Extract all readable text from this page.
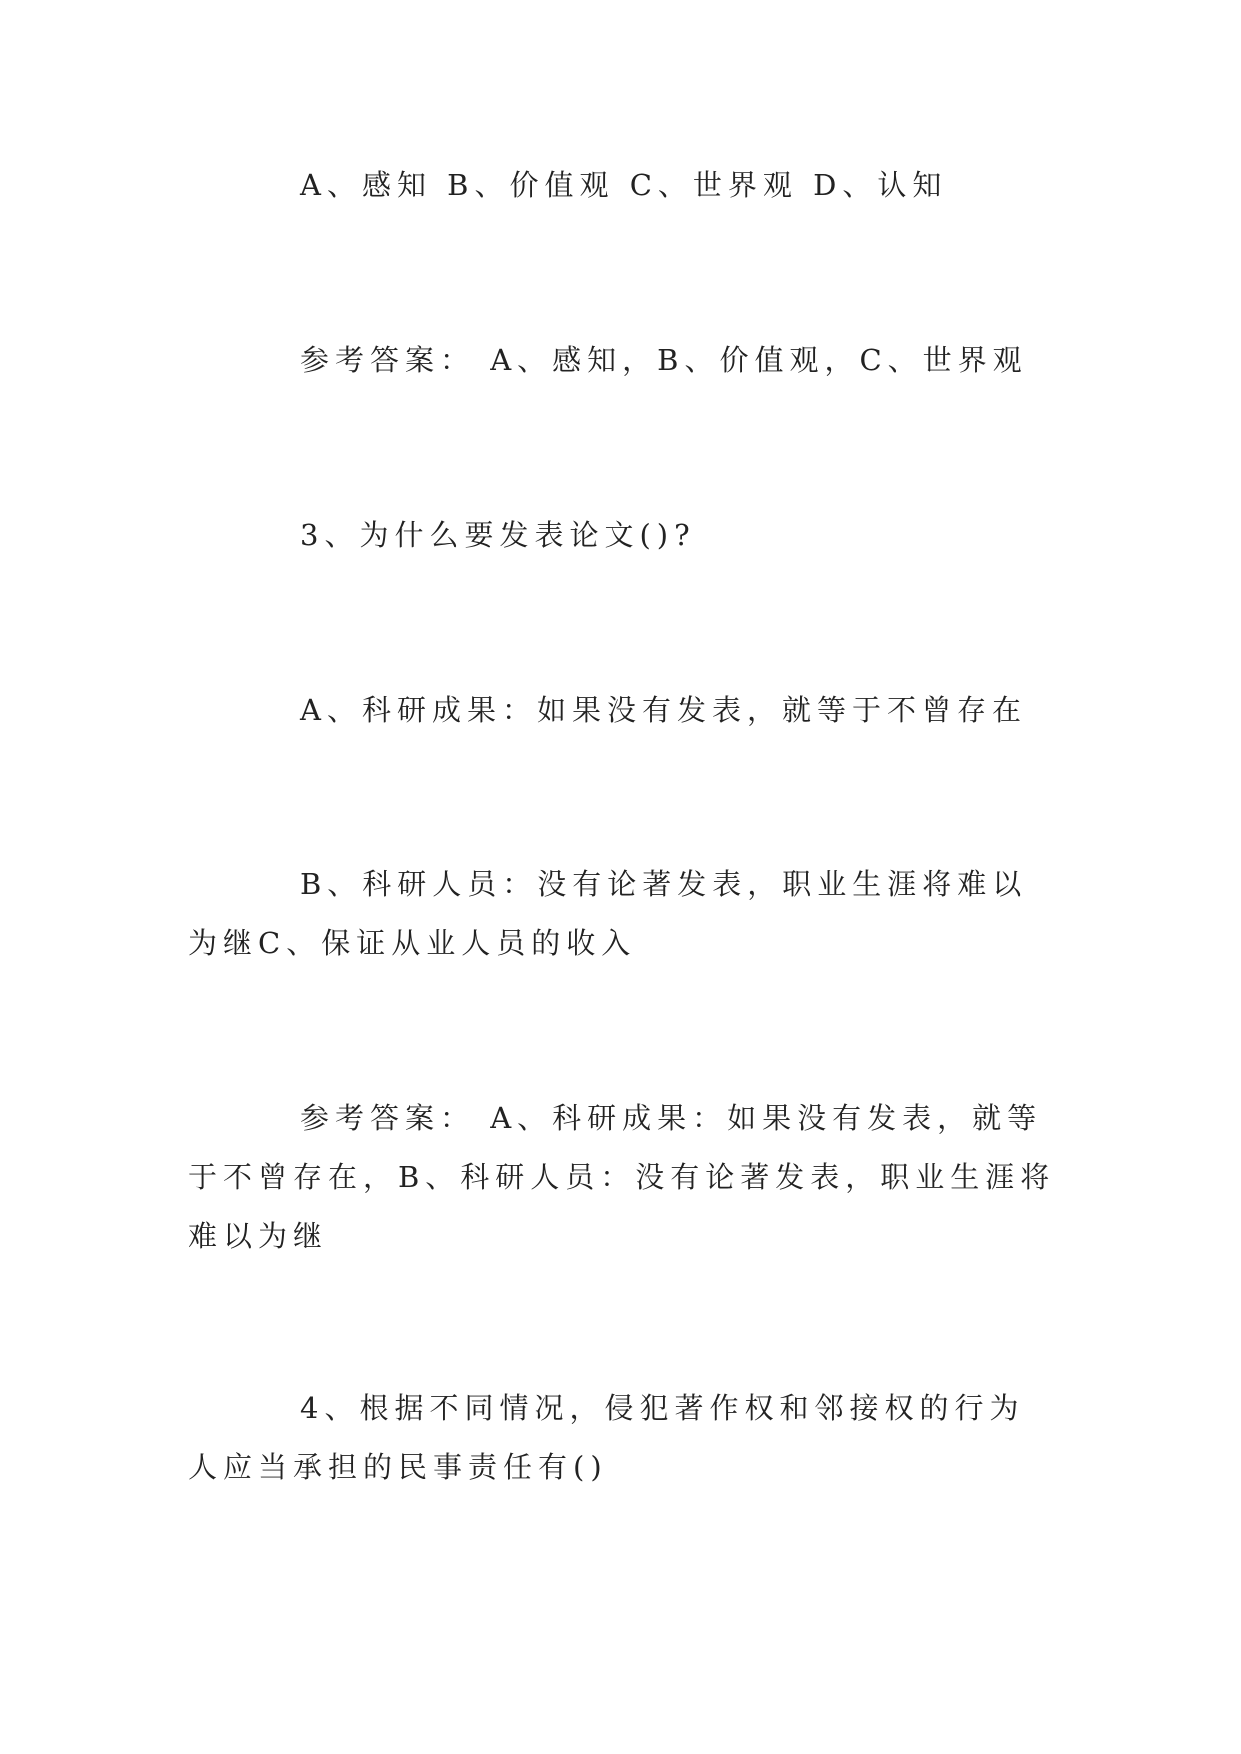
A、感知 B、价值观 C、世界观 D、认知
参考答案： A、感知，B、价值观，C、世界观
3、为什么要发表论文()?
A、科研成果：如果没有发表，就等于不曾存在
B、科研人员：没有论著发表，职业生涯将难以为继C、保证从业人员的收入
参考答案： A、科研成果：如果没有发表，就等于不曾存在，B、科研人员：没有论著发表，职业生涯将难以为继
4、根据不同情况，侵犯著作权和邻接权的行为人应当承担的民事责任有()
